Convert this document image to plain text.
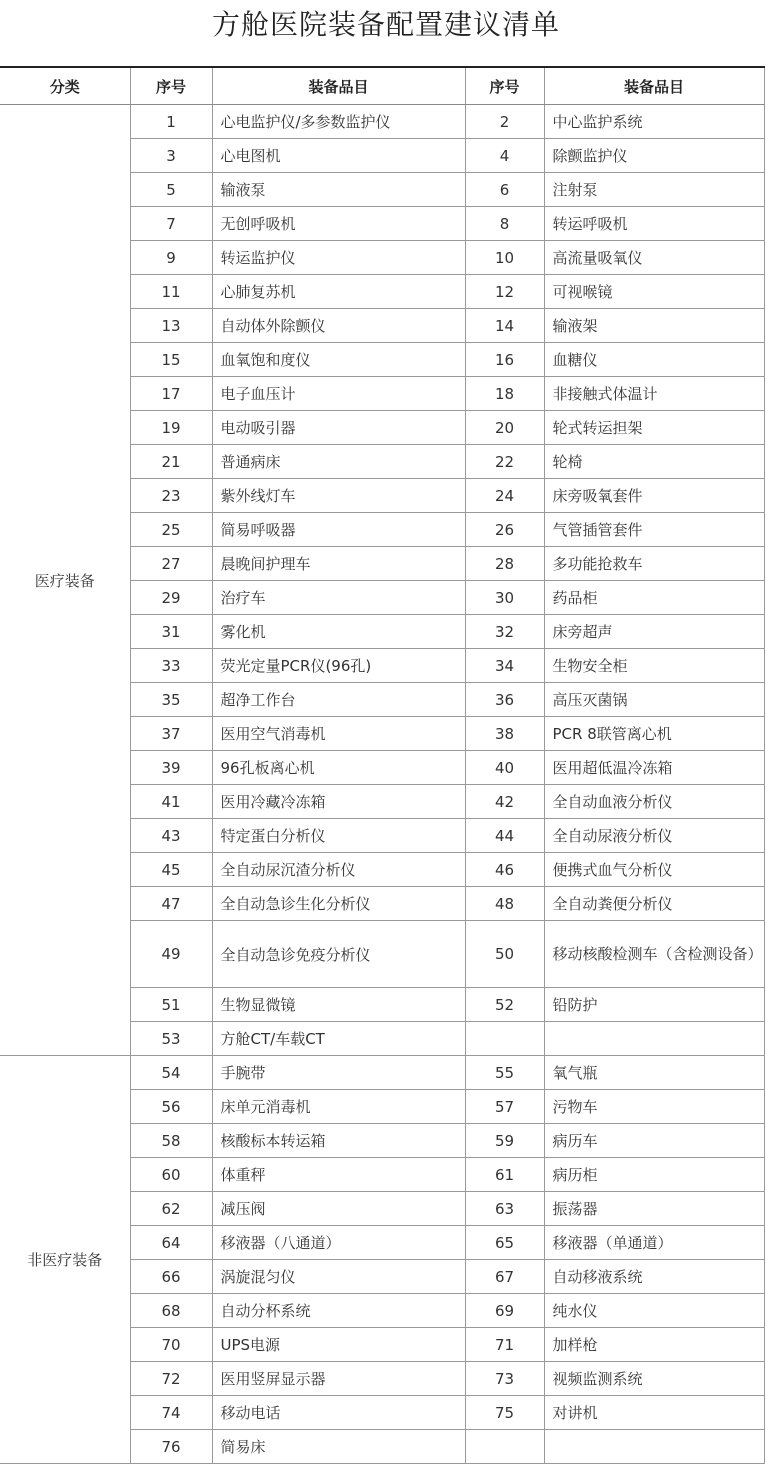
方舱医院装备配置建议清单
分类	序号	装备品目	序号	装备品目
医疗装备	1	心电监护仪/多参数监护仪	2	中心监护系统
	3	心电图机	4	除颤监护仪
	5	输液泵	6	注射泵
	7	无创呼吸机	8	转运呼吸机
	9	转运监护仪	10	高流量吸氧仪
	11	心肺复苏机	12	可视喉镜
	13	自动体外除颤仪	14	输液架
	15	血氧饱和度仪	16	血糖仪
	17	电子血压计	18	非接触式体温计
	19	电动吸引器	20	轮式转运担架
	21	普通病床	22	轮椅
	23	紫外线灯车	24	床旁吸氧套件
	25	简易呼吸器	26	气管插管套件
	27	晨晚间护理车	28	多功能抢救车
	29	治疗车	30	药品柜
	31	雾化机	32	床旁超声
	33	荧光定量PCR仪(96孔)	34	生物安全柜
	35	超净工作台	36	高压灭菌锅
	37	医用空气消毒机	38	PCR 8联管离心机
	39	96孔板离心机	40	医用超低温冷冻箱
	41	医用冷藏冷冻箱	42	全自动血液分析仪
	43	特定蛋白分析仪	44	全自动尿液分析仪
	45	全自动尿沉渣分析仪	46	便携式血气分析仪
	47	全自动急诊生化分析仪	48	全自动粪便分析仪
	49	全自动急诊免疫分析仪	50	移动核酸检测车（含检测设备）
	51	生物显微镜	52	铅防护
	53	方舱CT/车载CT		
非医疗装备	54	手腕带	55	氧气瓶
	56	床单元消毒机	57	污物车
	58	核酸标本转运箱	59	病历车
	60	体重秤	61	病历柜
	62	减压阀	63	振荡器
	64	移液器（八通道）	65	移液器（单通道）
	66	涡旋混匀仪	67	自动移液系统
	68	自动分杯系统	69	纯水仪
	70	UPS电源	71	加样枪
	72	医用竖屏显示器	73	视频监测系统
	74	移动电话	75	对讲机
	76	简易床		
